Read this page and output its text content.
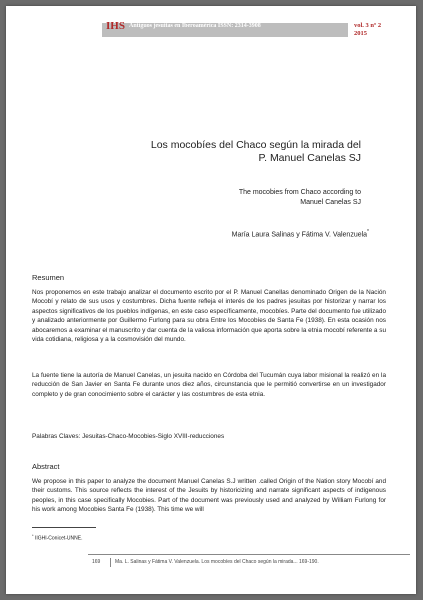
IHS Antiguos jesuitas en Iberoamérica ISSN: 2314-3908	vol. 3 nº 2
2015
Los mocobíes del Chaco según la mirada del
P. Manuel Canelas SJ
The mocobies from Chaco according to
Manuel Canelas SJ
María Laura Salinas y Fátima V. Valenzuela*
Resumen

Nos proponemos en este trabajo analizar el documento escrito por el P. Manuel Canellas denominado Origen de la Nación Mocobí y relato de sus usos y costumbres. Dicha fuente refleja el interés de los padres jesuitas por historizar y narrar los aspectos significativos de los pueblos indígenas, en este caso específicamente, mocobíes. Parte del documento fue utilizado y analizado anteriormente por Guillermo Furlong para su obra Entre los Mocobíes de Santa Fe (1938). En esta ocasión nos abocaremos a examinar el manuscrito y dar cuenta de la valiosa información que aporta sobre la etnia mocobí referente a su vida cotidiana, religiosa y a la cosmovisión del mundo.

La fuente tiene la autoría de Manuel Canelas, un jesuita nacido en Córdoba del Tucumán cuya labor misional la realizó en la reducción de San Javier en Santa Fe durante unos diez años, circunstancia que le permitió convertirse en un investigador completo y de gran conocimiento sobre el carácter y las costumbres de esta etnia.

Palabras Claves: Jesuitas-Chaco-Mocobies-Siglo XVIII-reducciones
Abstract

We propose in this paper to analyze the document Manuel Canelas S.J written .called Origin of the Nation story Mocobí and their customs. This source reflects the interest of the Jesuits by historicizing and narrate significant aspects of indigenous peoples, in this case specifically Mocobies. Part of the document was previously used and analyzed by William Furlong for his work among Mocobies Santa Fe (1938). This time we will

* IIGHI-Conicet-UNNE.
169	Ma. L. Salinas y Fátima V. Valenzuela. Los mocobíes del Chaco según la mirada... 169-190.
